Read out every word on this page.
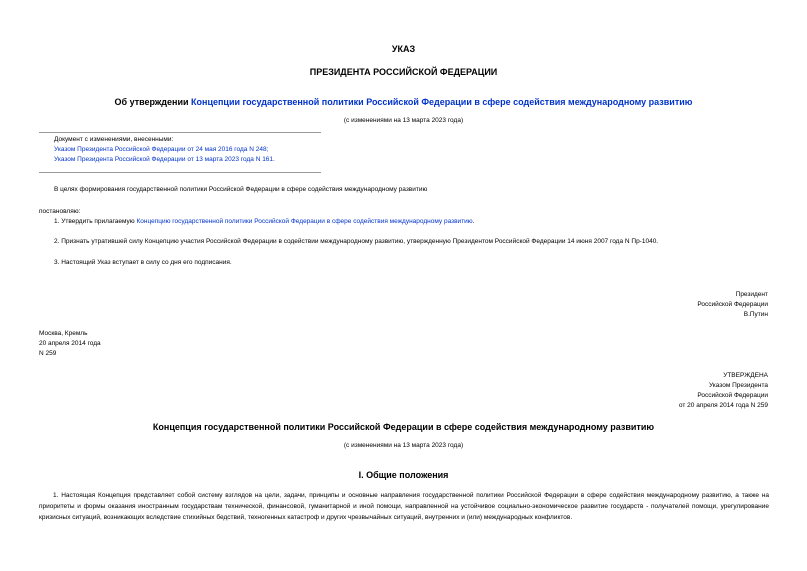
УКАЗ
ПРЕЗИДЕНТА РОССИЙСКОЙ ФЕДЕРАЦИИ
Об утверждении Концепции государственной политики Российской Федерации в сфере содействия международному развитию
(с изменениями на 13 марта 2023 года)
Документ с изменениями, внесенными:
Указом Президента Российской Федерации от 24 мая 2016 года N 248;
Указом Президента Российской Федерации от 13 марта 2023 года N 161.
В целях формирования государственной политики Российской Федерации в сфере содействия международному развитию
постановляю:
1. Утвердить прилагаемую Концепцию государственной политики Российской Федерации в сфере содействия международному развитию.
2. Признать утратившей силу Концепцию участия Российской Федерации в содействии международному развитию, утвержденную Президентом Российской Федерации 14 июня 2007 года N Пр-1040.
3. Настоящий Указ вступает в силу со дня его подписания.
Президент
Российской Федерации
В.Путин
Москва, Кремль
20 апреля 2014 года
N 259
УТВЕРЖДЕНА
Указом Президента
Российской Федерации
от 20 апреля 2014 года N 259
Концепция государственной политики Российской Федерации в сфере содействия международному развитию
(с изменениями на 13 марта 2023 года)
I. Общие положения
1. Настоящая Концепция представляет собой систему взглядов на цели, задачи, принципы и основные направления государственной политики Российской Федерации в сфере содействия международному развитию, а также на приоритеты и формы оказания иностранным государствам технической, финансовой, гуманитарной и иной помощи, направленной на устойчивое социально-экономическое развитие государств - получателей помощи, урегулирование кризисных ситуаций, возникающих вследствие стихийных бедствий, техногенных катастроф и других чрезвычайных ситуаций, внутренних и (или) международных конфликтов.
